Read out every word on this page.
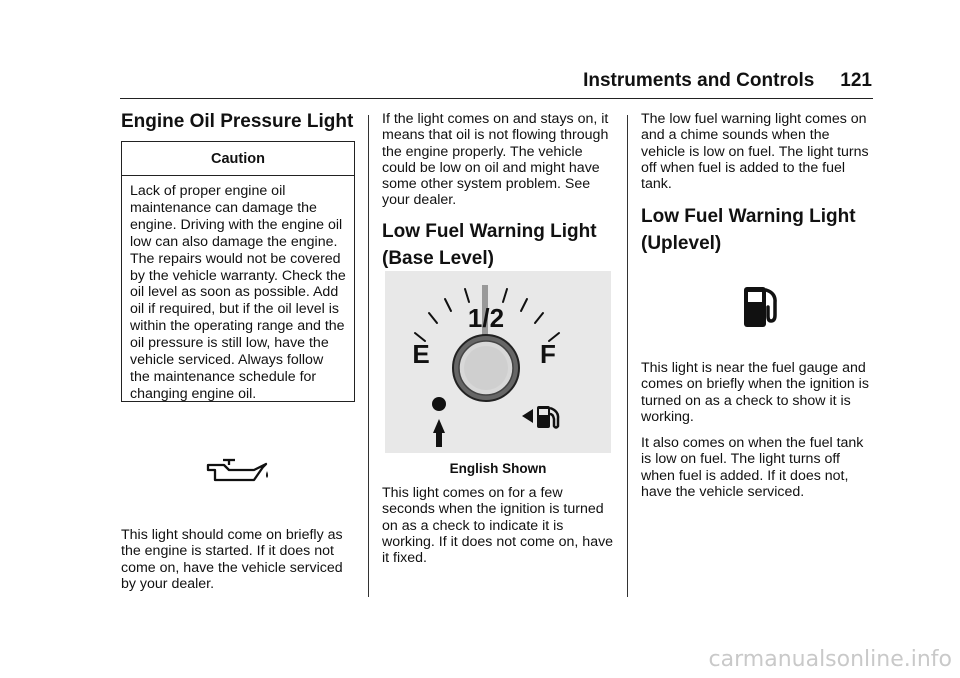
Instruments and Controls 121
Engine Oil Pressure Light
Caution
Lack of proper engine oil maintenance can damage the engine. Driving with the engine oil low can also damage the engine. The repairs would not be covered by the vehicle warranty. Check the oil level as soon as possible. Add oil if required, but if the oil level is within the operating range and the oil pressure is still low, have the vehicle serviced. Always follow the maintenance schedule for changing engine oil.

This light should come on briefly as the engine is started. If it does not come on, have the vehicle serviced by your dealer.

If the light comes on and stays on, it means that oil is not flowing through the engine properly. The vehicle could be low on oil and might have some other system problem. See your dealer.

Low Fuel Warning Light
(Base Level)
1/2
E	F
English Shown

This light comes on for a few seconds when the ignition is turned on as a check to indicate it is working. If it does not come on, have it fixed.

The low fuel warning light comes on and a chime sounds when the vehicle is low on fuel. The light turns off when fuel is added to the fuel tank.

Low Fuel Warning Light
(Uplevel)

This light is near the fuel gauge and comes on briefly when the ignition is turned on as a check to show it is working.

It also comes on when the fuel tank is low on fuel. The light turns off when fuel is added. If it does not, have the vehicle serviced.

carmanualsonline.info
